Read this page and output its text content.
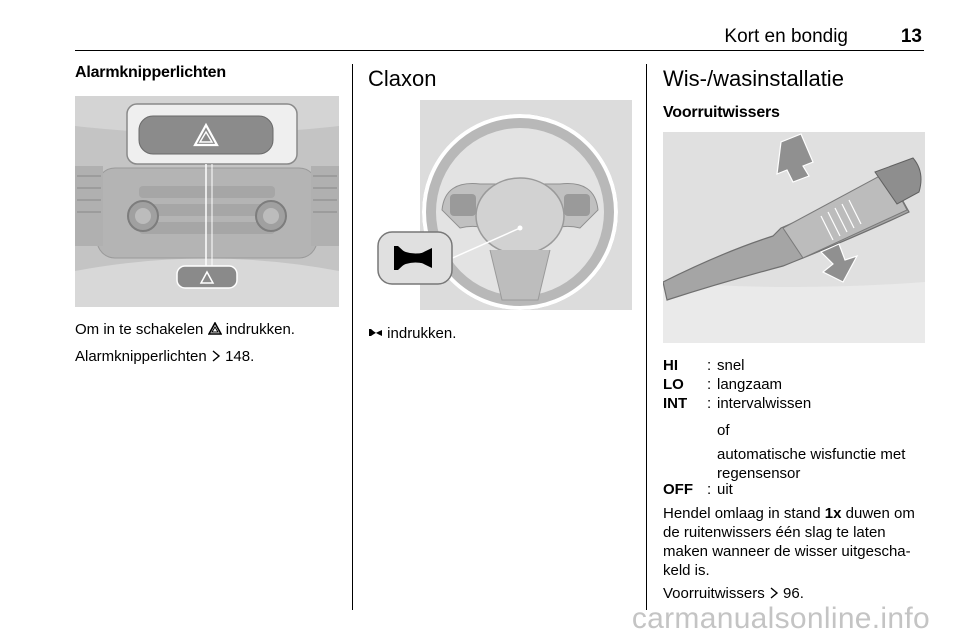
Kort en bondig	13
Alarmknipperlichten
Om in te schakelen indrukken.
Alarmknipperlichten 148.
Claxon
indrukken.
Wis-/wasinstallatie
Voorruitwissers
HI : snel
LO : langzaam
INT : intervalwissen
of
automatische wisfunctie met
regensensor
OFF : uit
Hendel omlaag in stand 1x duwen om
de ruitenwissers één slag te laten
maken wanneer de wisser uitgescha-
keld is.
Voorruitwissers 96.
carmanualsonline.info
